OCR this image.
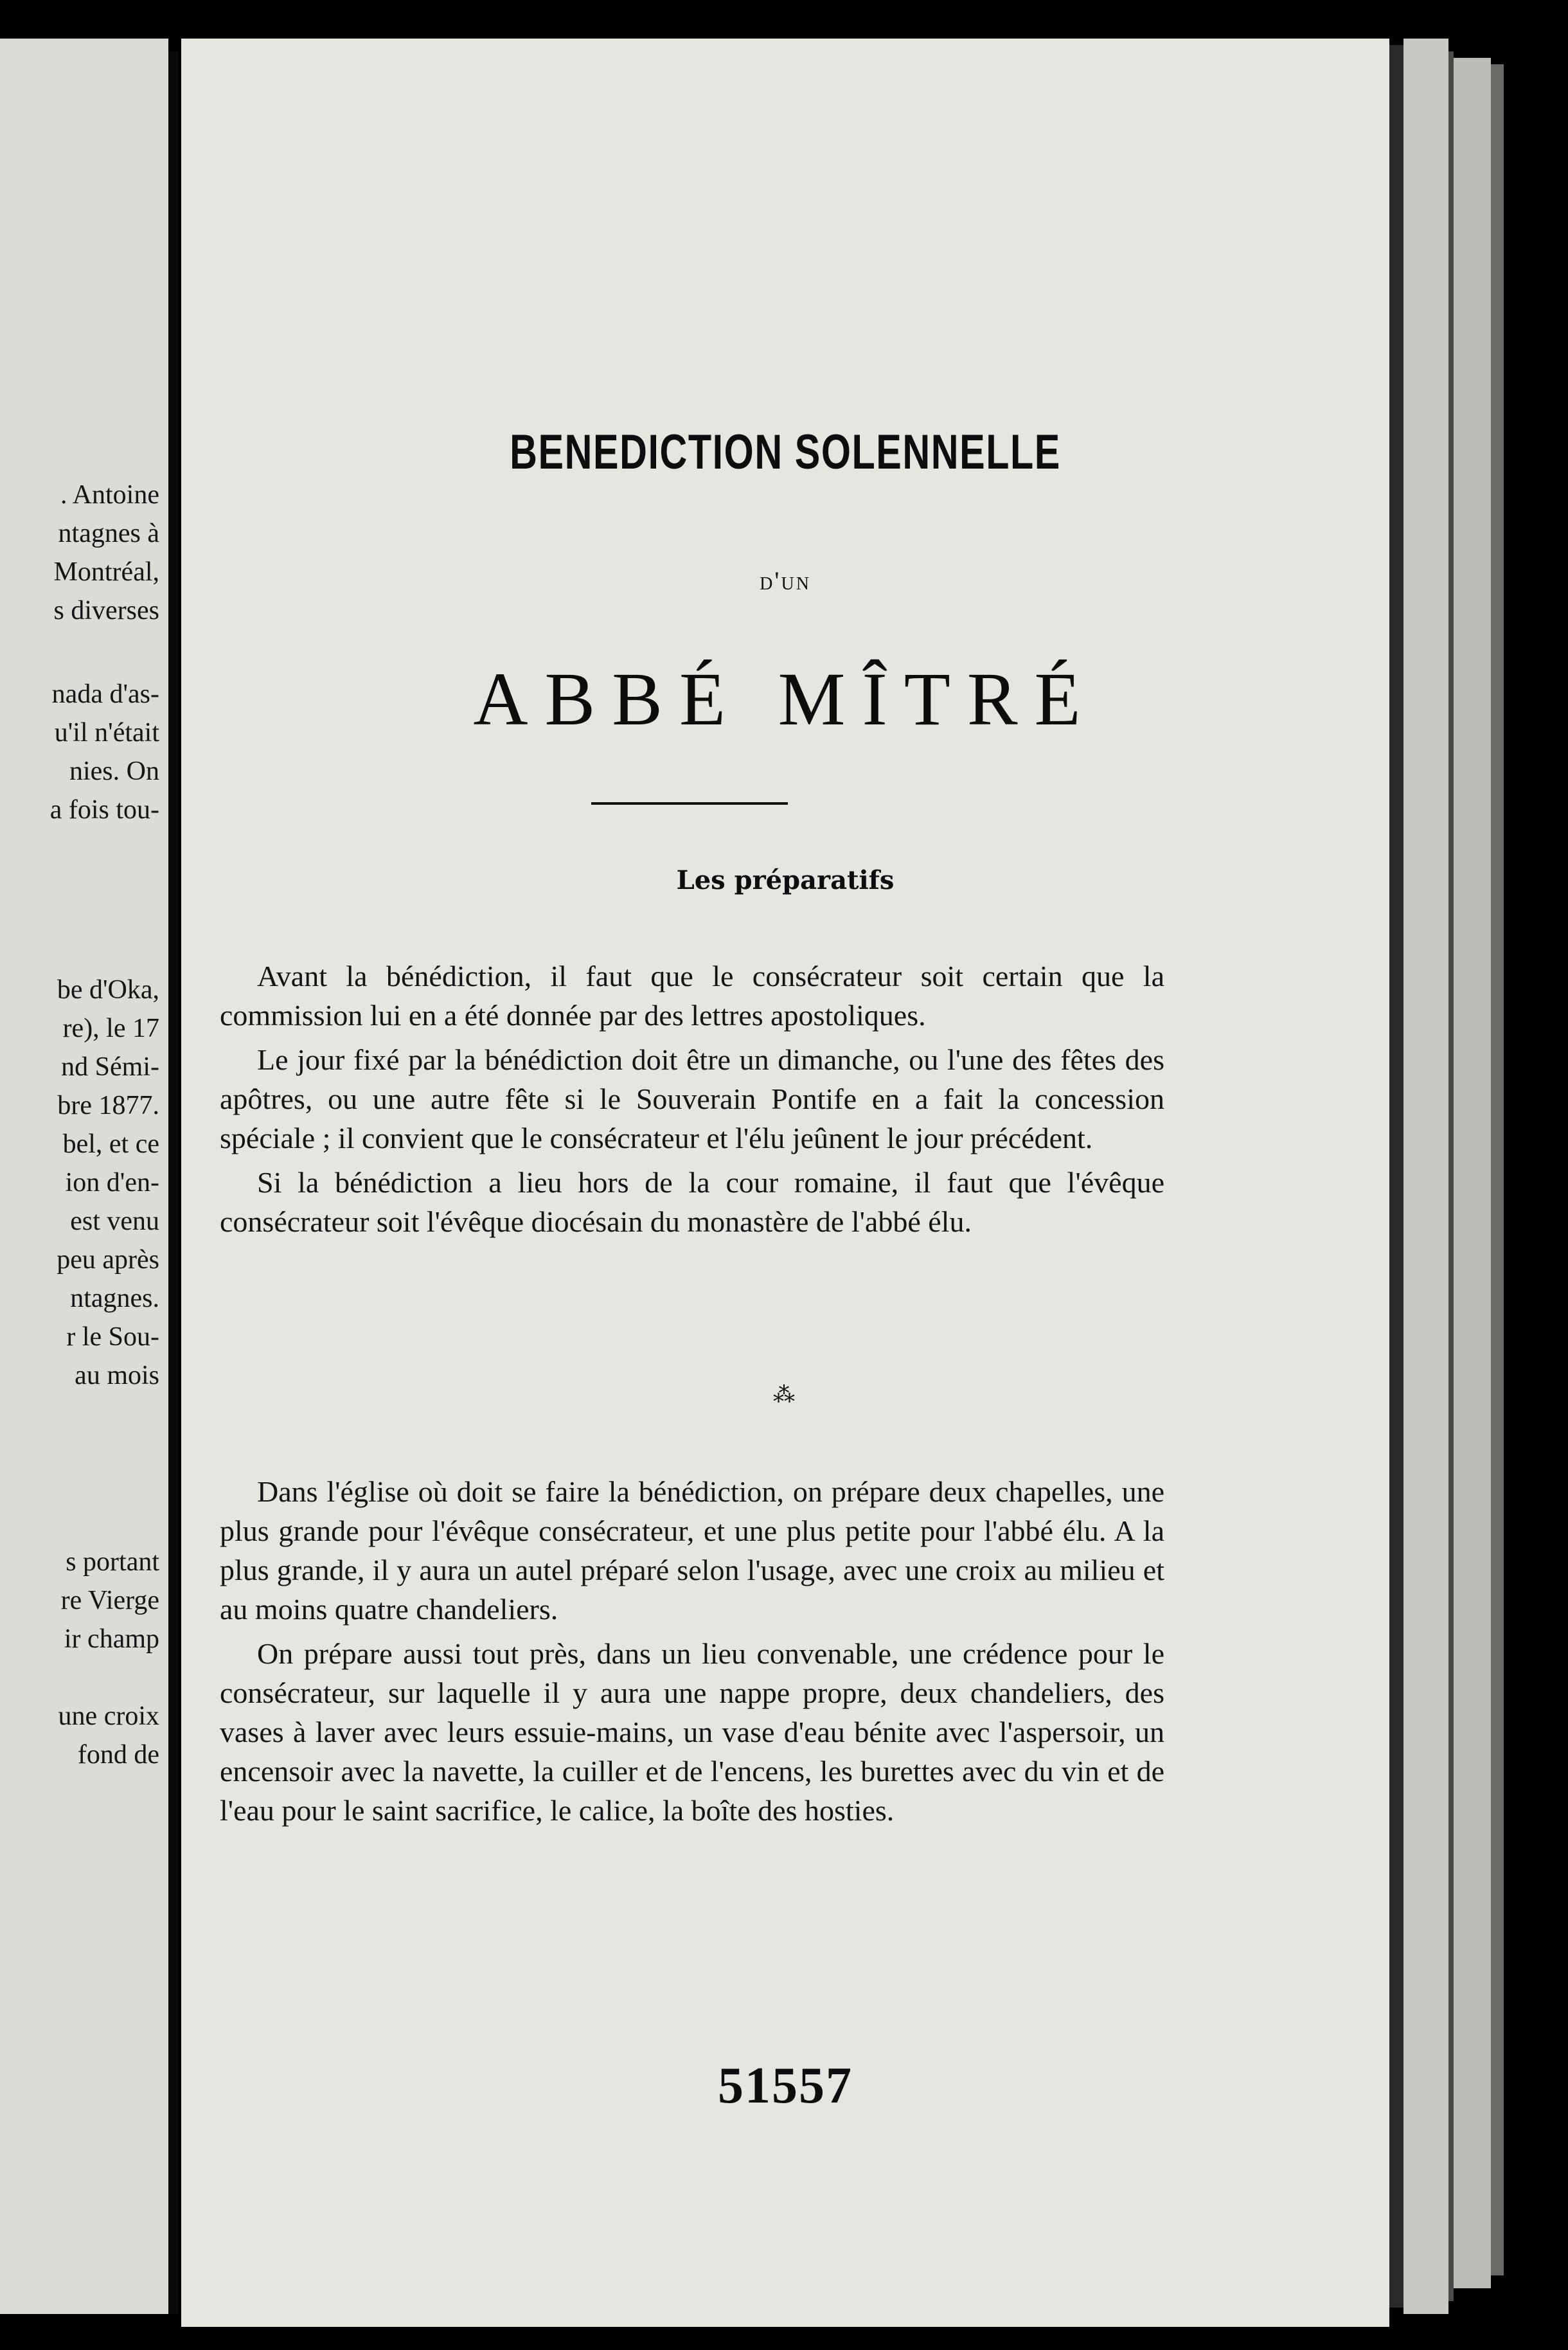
. Antoine
ntagnes à
Montréal,
s diverses
nada d'as-
u'il n'était
nies. On
a fois tou-
be d'Oka,
re), le 17
nd Sémi-
bre 1877.
bel, et ce
ion d'en-
est venu
peu après
ntagnes.
r le Sou-
au mois
s portant
re Vierge
ir champ
une croix
fond de
BENEDICTION SOLENNELLE
d'un
ABBÉ MÎTRÉ
Les préparatifs

Avant la bénédiction, il faut que le consécrateur soit certain que la commission lui en a été donnée par des lettres apostoliques.

Le jour fixé par la bénédiction doit être un dimanche, ou l'une des fêtes des apôtres, ou une autre fête si le Souverain Pontife en a fait la concession spéciale ; il convient que le consécrateur et l'élu jeûnent le jour précédent.

Si la bénédiction a lieu hors de la cour romaine, il faut que l'évêque consécrateur soit l'évêque diocésain du monastère de l'abbé élu.

⁂

Dans l'église où doit se faire la bénédiction, on prépare deux chapelles, une plus grande pour l'évêque consécrateur, et une plus petite pour l'abbé élu. A la plus grande, il y aura un autel préparé selon l'usage, avec une croix au milieu et au moins quatre chandeliers.

On prépare aussi tout près, dans un lieu convenable, une crédence pour le consécrateur, sur laquelle il y aura une nappe propre, deux chandeliers, des vases à laver avec leurs essuie-mains, un vase d'eau bénite avec l'aspersoir, un encensoir avec la navette, la cuiller et de l'encens, les burettes avec du vin et de l'eau pour le saint sacrifice, le calice, la boîte des hosties.

51557
